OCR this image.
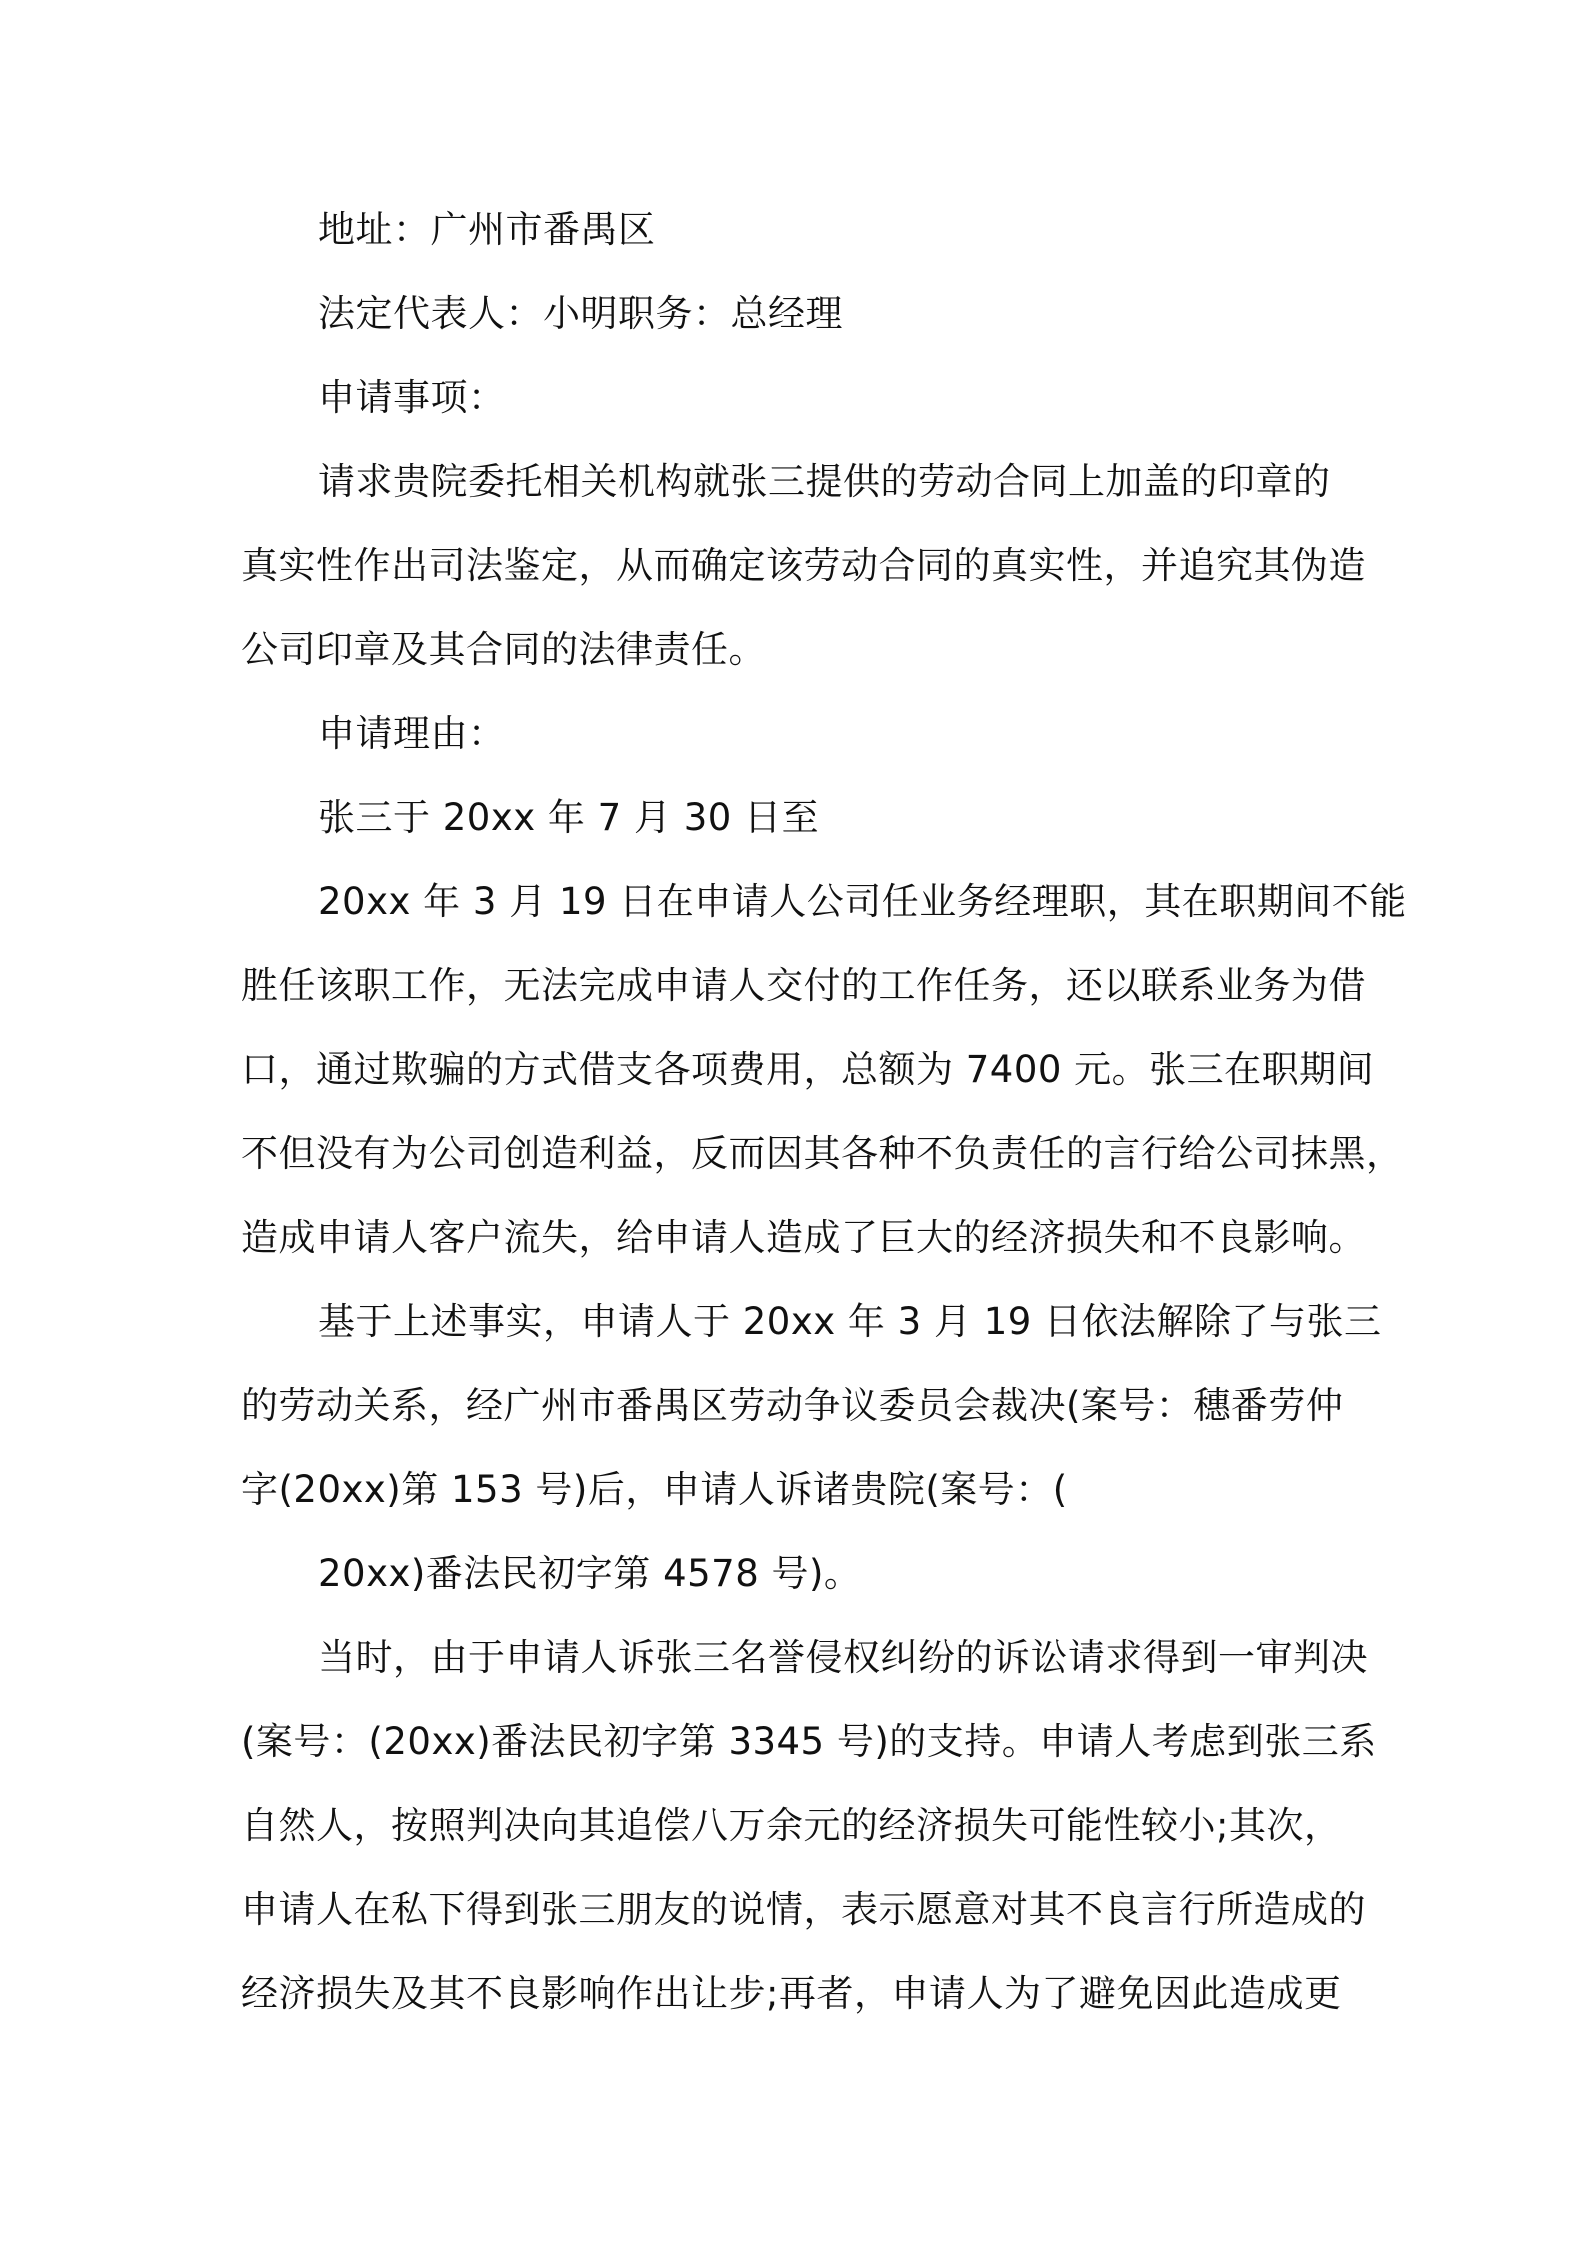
地址：广州市番禺区
法定代表人：小明职务：总经理
申请事项：
请求贵院委托相关机构就张三提供的劳动合同上加盖的印章的
真实性作出司法鉴定，从而确定该劳动合同的真实性，并追究其伪造
公司印章及其合同的法律责任。
申请理由：
张三于 20xx 年 7 月 30 日至
20xx 年 3 月 19 日在申请人公司任业务经理职，其在职期间不能
胜任该职工作，无法完成申请人交付的工作任务，还以联系业务为借
口，通过欺骗的方式借支各项费用，总额为 7400 元。张三在职期间
不但没有为公司创造利益，反而因其各种不负责任的言行给公司抹黑，
造成申请人客户流失，给申请人造成了巨大的经济损失和不良影响。
基于上述事实，申请人于 20xx 年 3 月 19 日依法解除了与张三
的劳动关系，经广州市番禺区劳动争议委员会裁决(案号：穗番劳仲
字(20xx)第 153 号)后，申请人诉诸贵院(案号：(
20xx)番法民初字第 4578 号)。
当时，由于申请人诉张三名誉侵权纠纷的诉讼请求得到一审判决
(案号：(20xx)番法民初字第 3345 号)的支持。申请人考虑到张三系
自然人，按照判决向其追偿八万余元的经济损失可能性较小;其次，
申请人在私下得到张三朋友的说情，表示愿意对其不良言行所造成的
经济损失及其不良影响作出让步;再者，申请人为了避免因此造成更
